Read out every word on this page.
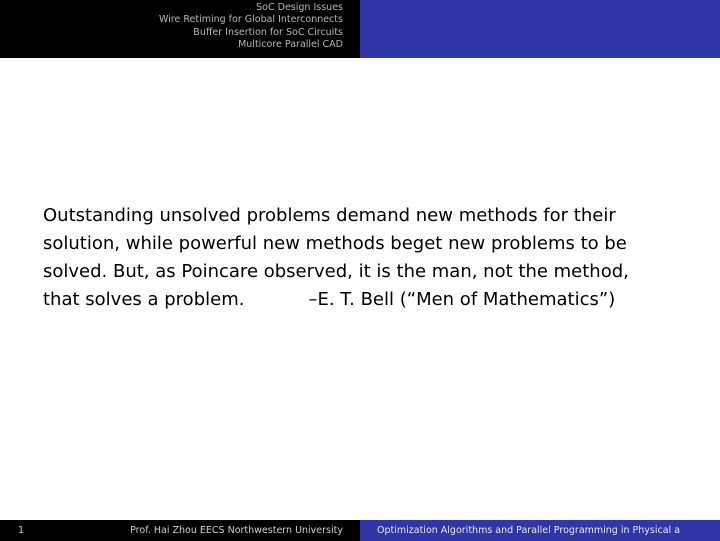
SoC Design Issues
Wire Retiming for Global Interconnects
Buffer Insertion for SoC Circuits
Multicore Parallel CAD
Outstanding unsolved problems demand new methods for their
solution, while powerful new methods beget new problems to be
solved. But, as Poincare observed, it is the man, not the method,
that solves a problem.	–E. T. Bell (“Men of Mathematics”)
1	Prof. Hai Zhou EECS Northwestern University	Optimization Algorithms and Parallel Programming in Physical a
